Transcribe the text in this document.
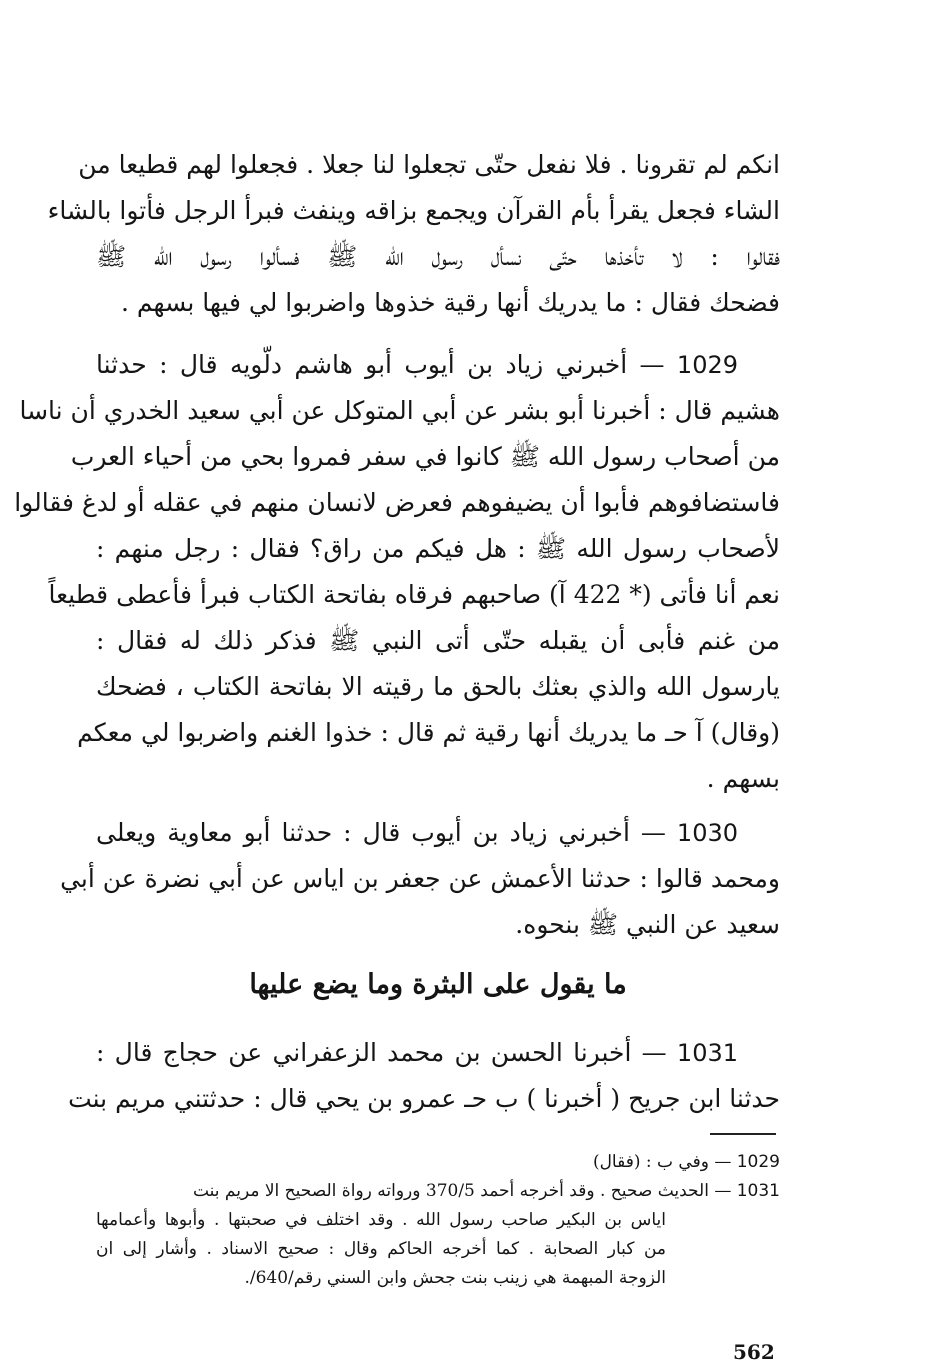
انكم لم تقرونا . فلا نفعل حتّى تجعلوا لنا جعلا . فجعلوا لهم قطيعا من
الشاء فجعل يقرأ بأم القرآن ويجمع بزاقه وينفث فبرأ الرجل فأتوا بالشاء
فقالوا : لا تأخذها حتّى نسأل رسول الله ﷺ فسألوا رسول الله ﷺ
فضحك فقال : ما يدريك أنها رقية خذوها واضربوا لي فيها بسهم .
1029 — أخبرني زياد بن أيوب أبو هاشم دلّويه قال : حدثنا
هشيم قال : أخبرنا أبو بشر عن أبي المتوكل عن أبي سعيد الخدري أن ناسا
من أصحاب رسول الله ﷺ كانوا في سفر فمروا بحي من أحياء العرب
فاستضافوهم فأبوا أن يضيفوهم فعرض لانسان منهم في عقله أو لدغ فقالوا
لأصحاب رسول الله ﷺ : هل فيكم من راق؟ فقال : رجل منهم :
نعم أنا فأتى (* 422 آ) صاحبهم فرقاه بفاتحة الكتاب فبرأ فأعطى قطيعاً
من غنم فأبى أن يقبله حتّى أتى النبي ﷺ فذكر ذلك له فقال :
يارسول الله والذي بعثك بالحق ما رقيته الا بفاتحة الكتاب ، فضحك
(وقال) آ حـ ما يدريك أنها رقية ثم قال : خذوا الغنم واضربوا لي معكم
بسهم .
1030 — أخبرني زياد بن أيوب قال : حدثنا أبو معاوية ويعلى
ومحمد قالوا : حدثنا الأعمش عن جعفر بن اياس عن أبي نضرة عن أبي
سعيد عن النبي ﷺ بنحوه.
ما يقول على البثرة وما يضع عليها
1031 — أخبرنا الحسن بن محمد الزعفراني عن حجاج قال :
حدثنا ابن جريح ( أخبرنا ) ب حـ عمرو بن يحي قال : حدثتني مريم بنت
1029 — وفي ب : (فقال)
1031 — الحديث صحيح . وقد أخرجه أحمد 370/5 ورواته رواة الصحيح الا مريم بنت
اياس بن البكير صاحب رسول الله . وقد اختلف في صحبتها . وأبوها وأعمامها
من كبار الصحابة . كما أخرجه الحاكم وقال : صحيح الاسناد . وأشار إلى ان
الزوجة المبهمة هي زينب بنت جحش وابن السني رقم/640/.
562
